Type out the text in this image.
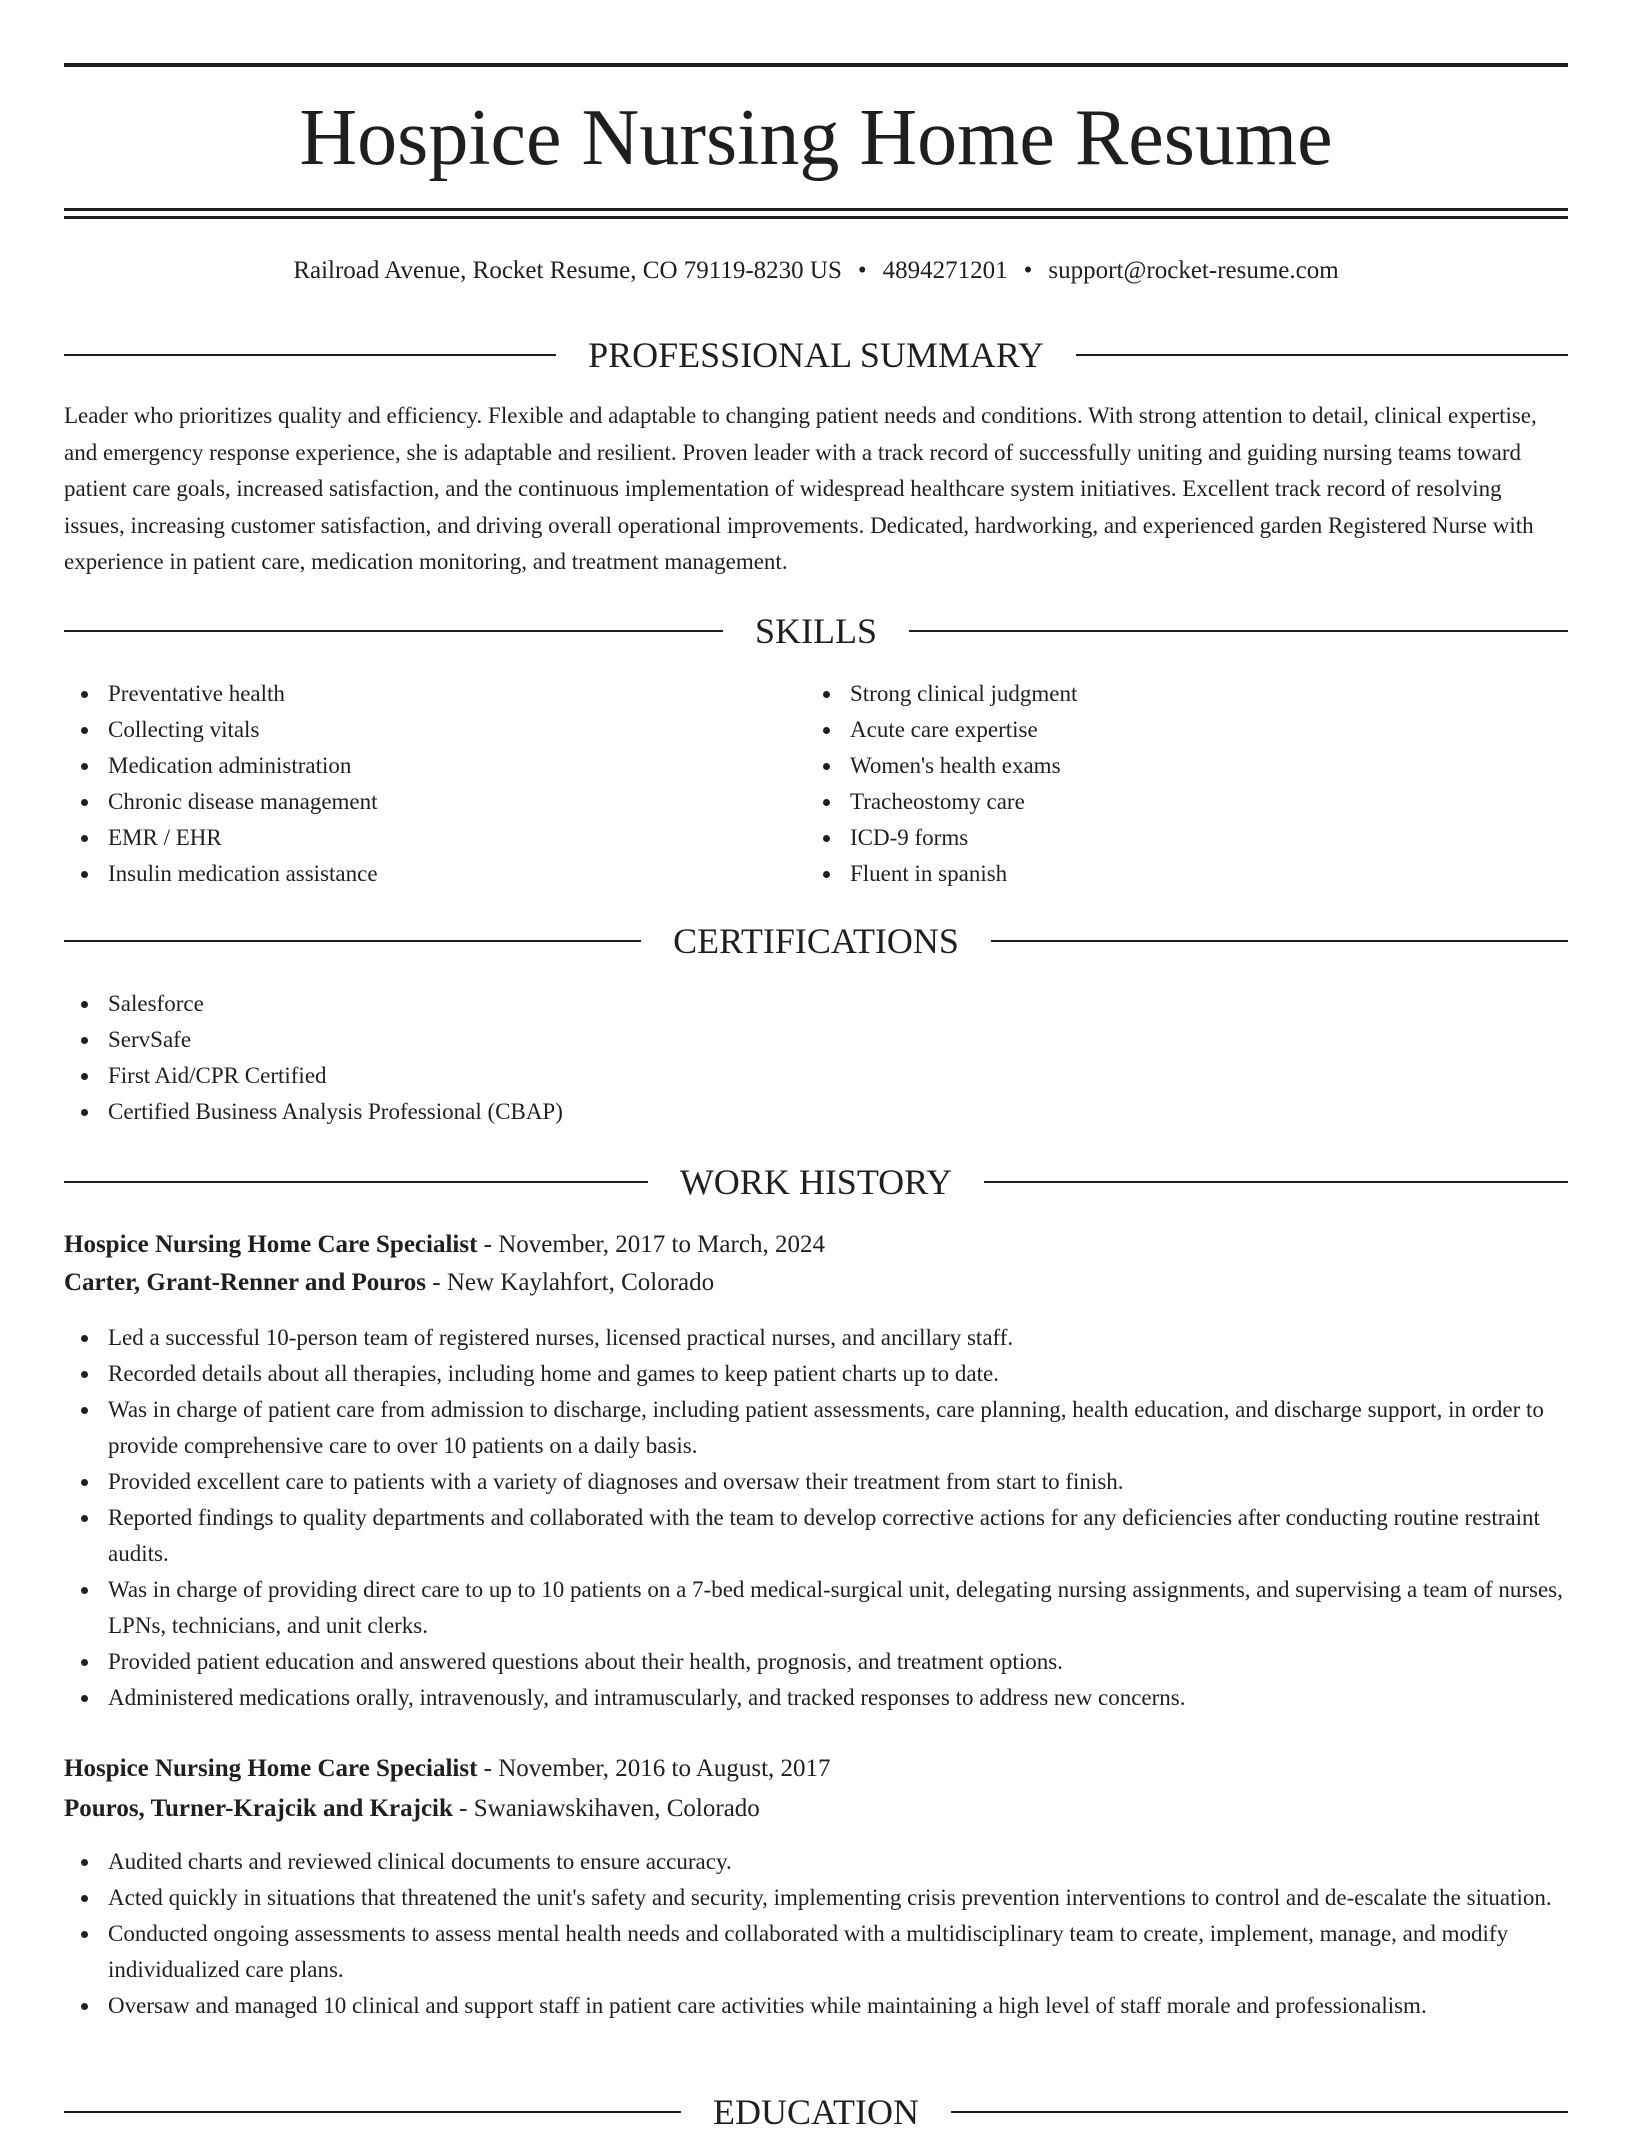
Hospice Nursing Home Resume
Railroad Avenue, Rocket Resume, CO 79119-8230 US • 4894271201 • support@rocket-resume.com
PROFESSIONAL SUMMARY

Leader who prioritizes quality and efficiency. Flexible and adaptable to changing patient needs and conditions. With strong attention to detail, clinical expertise, and emergency response experience, she is adaptable and resilient. Proven leader with a track record of successfully uniting and guiding nursing teams toward patient care goals, increased satisfaction, and the continuous implementation of widespread healthcare system initiatives. Excellent track record of resolving issues, increasing customer satisfaction, and driving overall operational improvements. Dedicated, hardworking, and experienced garden Registered Nurse with experience in patient care, medication monitoring, and treatment management.

SKILLS
Preventative health
Collecting vitals
Medication administration
Chronic disease management
EMR / EHR
Insulin medication assistance
Strong clinical judgment
Acute care expertise
Women's health exams
Tracheostomy care
ICD-9 forms
Fluent in spanish
CERTIFICATIONS
Salesforce
ServSafe
First Aid/CPR Certified
Certified Business Analysis Professional (CBAP)
WORK HISTORY
Hospice Nursing Home Care Specialist - November, 2017 to March, 2024
Carter, Grant-Renner and Pouros - New Kaylahfort, Colorado
Led a successful 10-person team of registered nurses, licensed practical nurses, and ancillary staff.
Recorded details about all therapies, including home and games to keep patient charts up to date.
Was in charge of patient care from admission to discharge, including patient assessments, care planning, health education, and discharge support, in order to provide comprehensive care to over 10 patients on a daily basis.
Provided excellent care to patients with a variety of diagnoses and oversaw their treatment from start to finish.
Reported findings to quality departments and collaborated with the team to develop corrective actions for any deficiencies after conducting routine restraint audits.
Was in charge of providing direct care to up to 10 patients on a 7-bed medical-surgical unit, delegating nursing assignments, and supervising a team of nurses, LPNs, technicians, and unit clerks.
Provided patient education and answered questions about their health, prognosis, and treatment options.
Administered medications orally, intravenously, and intramuscularly, and tracked responses to address new concerns.
Hospice Nursing Home Care Specialist - November, 2016 to August, 2017
Pouros, Turner-Krajcik and Krajcik - Swaniawskihaven, Colorado
Audited charts and reviewed clinical documents to ensure accuracy.
Acted quickly in situations that threatened the unit's safety and security, implementing crisis prevention interventions to control and de-escalate the situation.
Conducted ongoing assessments to assess mental health needs and collaborated with a multidisciplinary team to create, implement, manage, and modify individualized care plans.
Oversaw and managed 10 clinical and support staff in patient care activities while maintaining a high level of staff morale and professionalism.
EDUCATION
